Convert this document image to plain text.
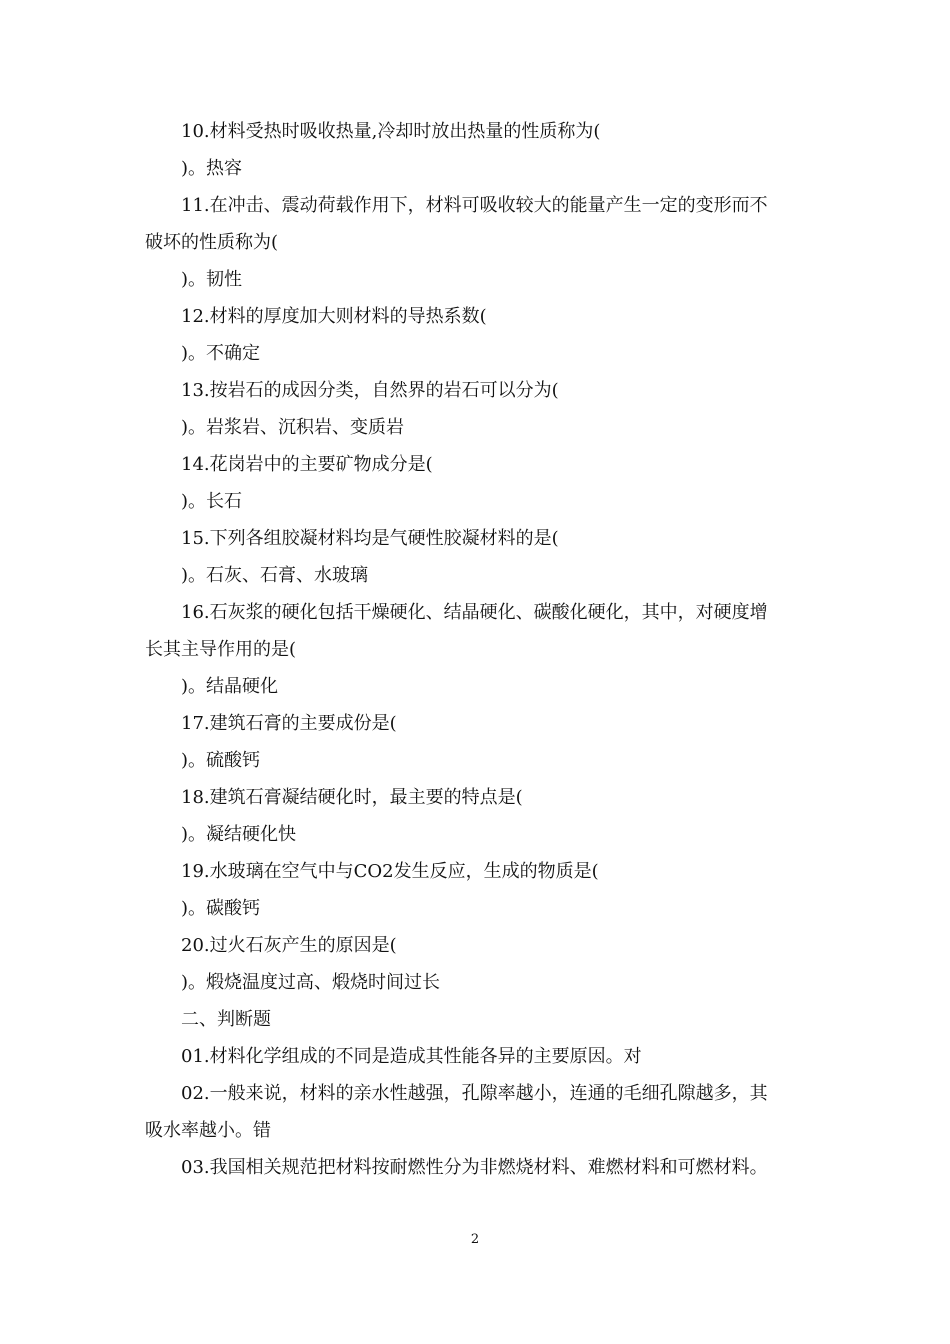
10.材料受热时吸收热量,冷却时放出热量的性质称为(
)。热容
11.在冲击、震动荷载作用下，材料可吸收较大的能量产生一定的变形而不
破坏的性质称为(
)。韧性
12.材料的厚度加大则材料的导热系数(
)。不确定
13.按岩石的成因分类，自然界的岩石可以分为(
)。岩浆岩、沉积岩、变质岩
14.花岗岩中的主要矿物成分是(
)。长石
15.下列各组胶凝材料均是气硬性胶凝材料的是(
)。石灰、石膏、水玻璃
16.石灰浆的硬化包括干燥硬化、结晶硬化、碳酸化硬化，其中，对硬度增
长其主导作用的是(
)。结晶硬化
17.建筑石膏的主要成份是(
)。硫酸钙
18.建筑石膏凝结硬化时，最主要的特点是(
)。凝结硬化快
19.水玻璃在空气中与CO2发生反应，生成的物质是(
)。碳酸钙
20.过火石灰产生的原因是(
)。煅烧温度过高、煅烧时间过长
二、判断题
01.材料化学组成的不同是造成其性能各异的主要原因。对
02.一般来说，材料的亲水性越强，孔隙率越小，连通的毛细孔隙越多，其
吸水率越小。错
03.我国相关规范把材料按耐燃性分为非燃烧材料、难燃材料和可燃材料。
2
